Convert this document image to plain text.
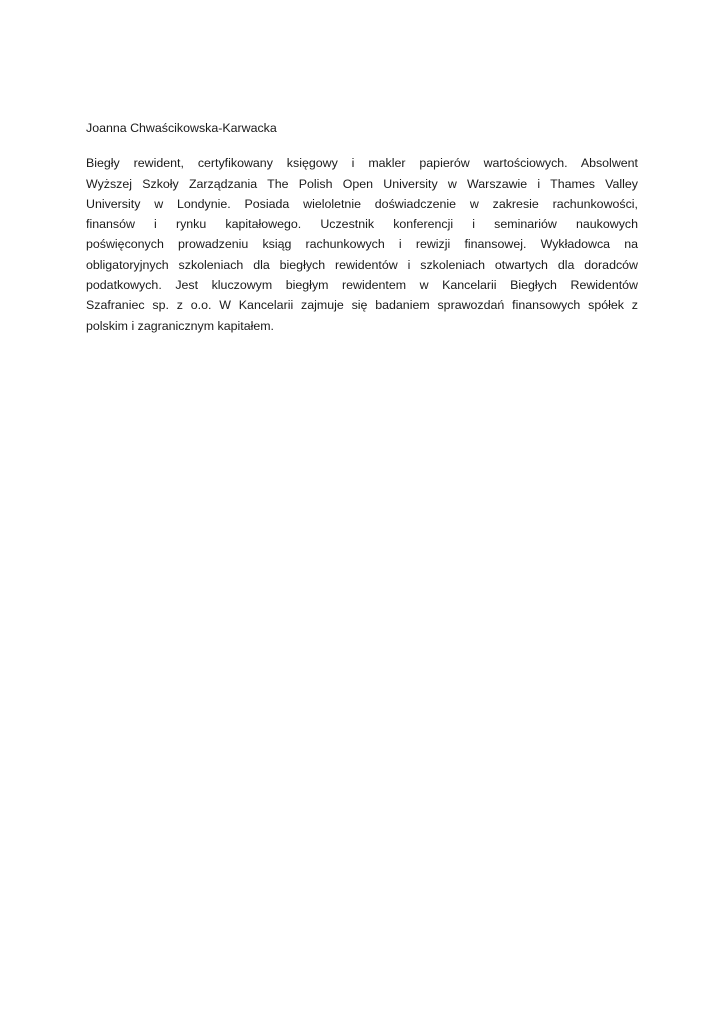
Joanna Chwaścikowska-Karwacka
Biegły rewident, certyfikowany księgowy i makler papierów wartościowych. Absolwent
Wyższej Szkoły Zarządzania The Polish Open University w Warszawie i Thames Valley
University w Londynie. Posiada wieloletnie doświadczenie w zakresie rachunkowości,
finansów i rynku kapitałowego. Uczestnik konferencji i seminariów naukowych
poświęconych prowadzeniu ksiąg rachunkowych i rewizji finansowej. Wykładowca na
obligatoryjnych szkoleniach dla biegłych rewidentów i szkoleniach otwartych dla doradców
podatkowych. Jest kluczowym biegłym rewidentem w Kancelarii Biegłych Rewidentów
Szafraniec sp. z o.o. W Kancelarii zajmuje się badaniem sprawozdań finansowych spółek z
polskim i zagranicznym kapitałem.
